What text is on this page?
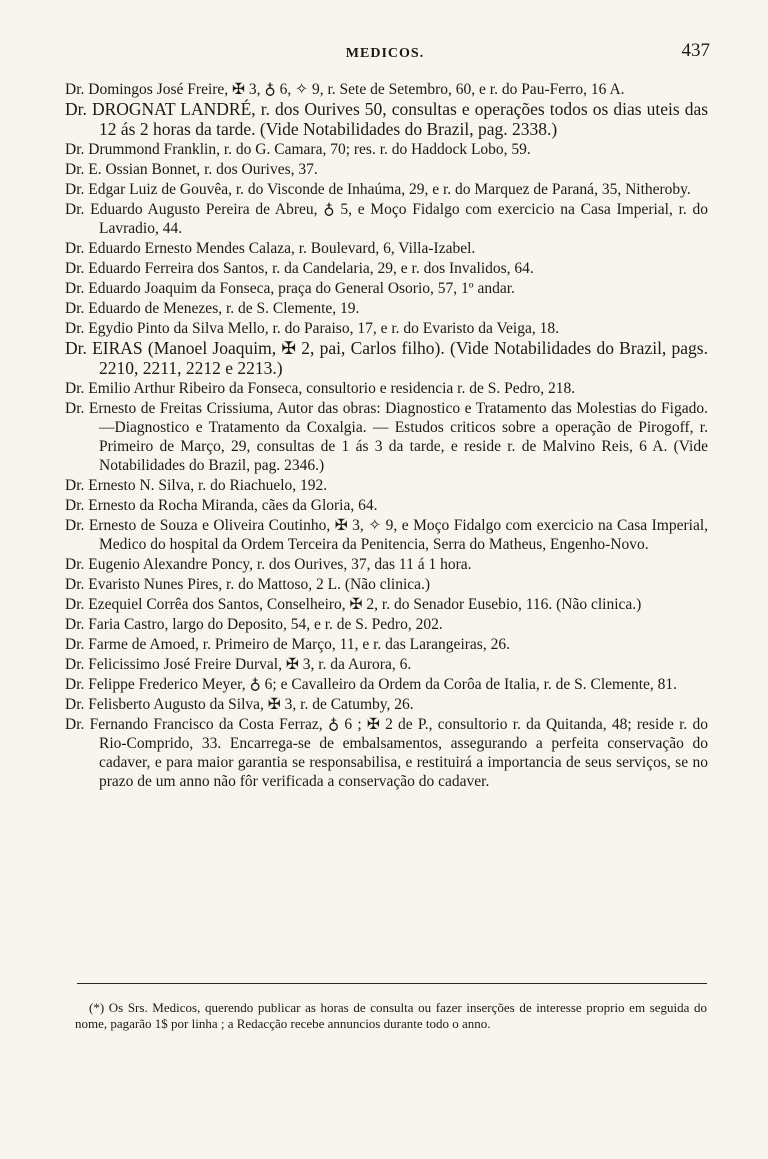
MEDICOS.	437

Dr. Domingos José Freire, ✠ 3, ♁ 6, ✧ 9, r. Sete de Setembro, 60, e r. do Pau-Ferro, 16 A.

Dr. DROGNAT LANDRÉ, r. dos Ourives 50, consultas e operações todos os dias uteis das 12 ás 2 horas da tarde. (Vide Notabilidades do Brazil, pag. 2338.)

Dr. Drummond Franklin, r. do G. Camara, 70; res. r. do Haddock Lobo, 59.

Dr. E. Ossian Bonnet, r. dos Ourives, 37.

Dr. Edgar Luiz de Gouvêa, r. do Visconde de Inhaúma, 29, e r. do Marquez de Paraná, 35, Nitheroby.

Dr. Eduardo Augusto Pereira de Abreu, ♁ 5, e Moço Fidalgo com exercicio na Casa Imperial, r. do Lavradio, 44.

Dr. Eduardo Ernesto Mendes Calaza, r. Boulevard, 6, Villa-Izabel.

Dr. Eduardo Ferreira dos Santos, r. da Candelaria, 29, e r. dos Invalidos, 64.

Dr. Eduardo Joaquim da Fonseca, praça do General Osorio, 57, 1º andar.

Dr. Eduardo de Menezes, r. de S. Clemente, 19.

Dr. Egydio Pinto da Silva Mello, r. do Paraiso, 17, e r. do Evaristo da Veiga, 18.

Dr. EIRAS (Manoel Joaquim, ✠ 2, pai, Carlos filho). (Vide Notabilidades do Brazil, pags. 2210, 2211, 2212 e 2213.)

Dr. Emilio Arthur Ribeiro da Fonseca, consultorio e residencia r. de S. Pedro, 218.

Dr. Ernesto de Freitas Crissiuma, Autor das obras: Diagnostico e Tratamento das Molestias do Figado.—Diagnostico e Tratamento da Coxalgia. — Estudos criticos sobre a operação de Pirogoff, r. Primeiro de Março, 29, consultas de 1 ás 3 da tarde, e reside r. de Malvino Reis, 6 A. (Vide Notabilidades do Brazil, pag. 2346.)

Dr. Ernesto N. Silva, r. do Riachuelo, 192.

Dr. Ernesto da Rocha Miranda, cães da Gloria, 64.

Dr. Ernesto de Souza e Oliveira Coutinho, ✠ 3, ✧ 9, e Moço Fidalgo com exercicio na Casa Imperial, Medico do hospital da Ordem Terceira da Penitencia, Serra do Matheus, Engenho-Novo.

Dr. Eugenio Alexandre Poncy, r. dos Ourives, 37, das 11 á 1 hora.

Dr. Evaristo Nunes Pires, r. do Mattoso, 2 L. (Não clinica.)

Dr. Ezequiel Corrêa dos Santos, Conselheiro, ✠ 2, r. do Senador Eusebio, 116. (Não clinica.)

Dr. Faria Castro, largo do Deposito, 54, e r. de S. Pedro, 202.

Dr. Farme de Amoed, r. Primeiro de Março, 11, e r. das Larangeiras, 26.

Dr. Felicissimo José Freire Durval, ✠ 3, r. da Aurora, 6.

Dr. Felippe Frederico Meyer, ♁ 6; e Cavalleiro da Ordem da Corôa de Italia, r. de S. Clemente, 81.

Dr. Felisberto Augusto da Silva, ✠ 3, r. de Catumby, 26.

Dr. Fernando Francisco da Costa Ferraz, ♁ 6 ; ✠ 2 de P., consultorio r. da Quitanda, 48; reside r. do Rio-Comprido, 33. Encarrega-se de embalsamentos, assegurando a perfeita conservação do cadaver, e para maior garantia se responsabilisa, e restituirá a importancia de seus serviços, se no prazo de um anno não fôr verificada a conservação do cadaver.

(*) Os Srs. Medicos, querendo publicar as horas de consulta ou fazer inserções de interesse proprio em seguida do nome, pagarão 1$ por linha ; a Redacção recebe annuncios durante todo o anno.
